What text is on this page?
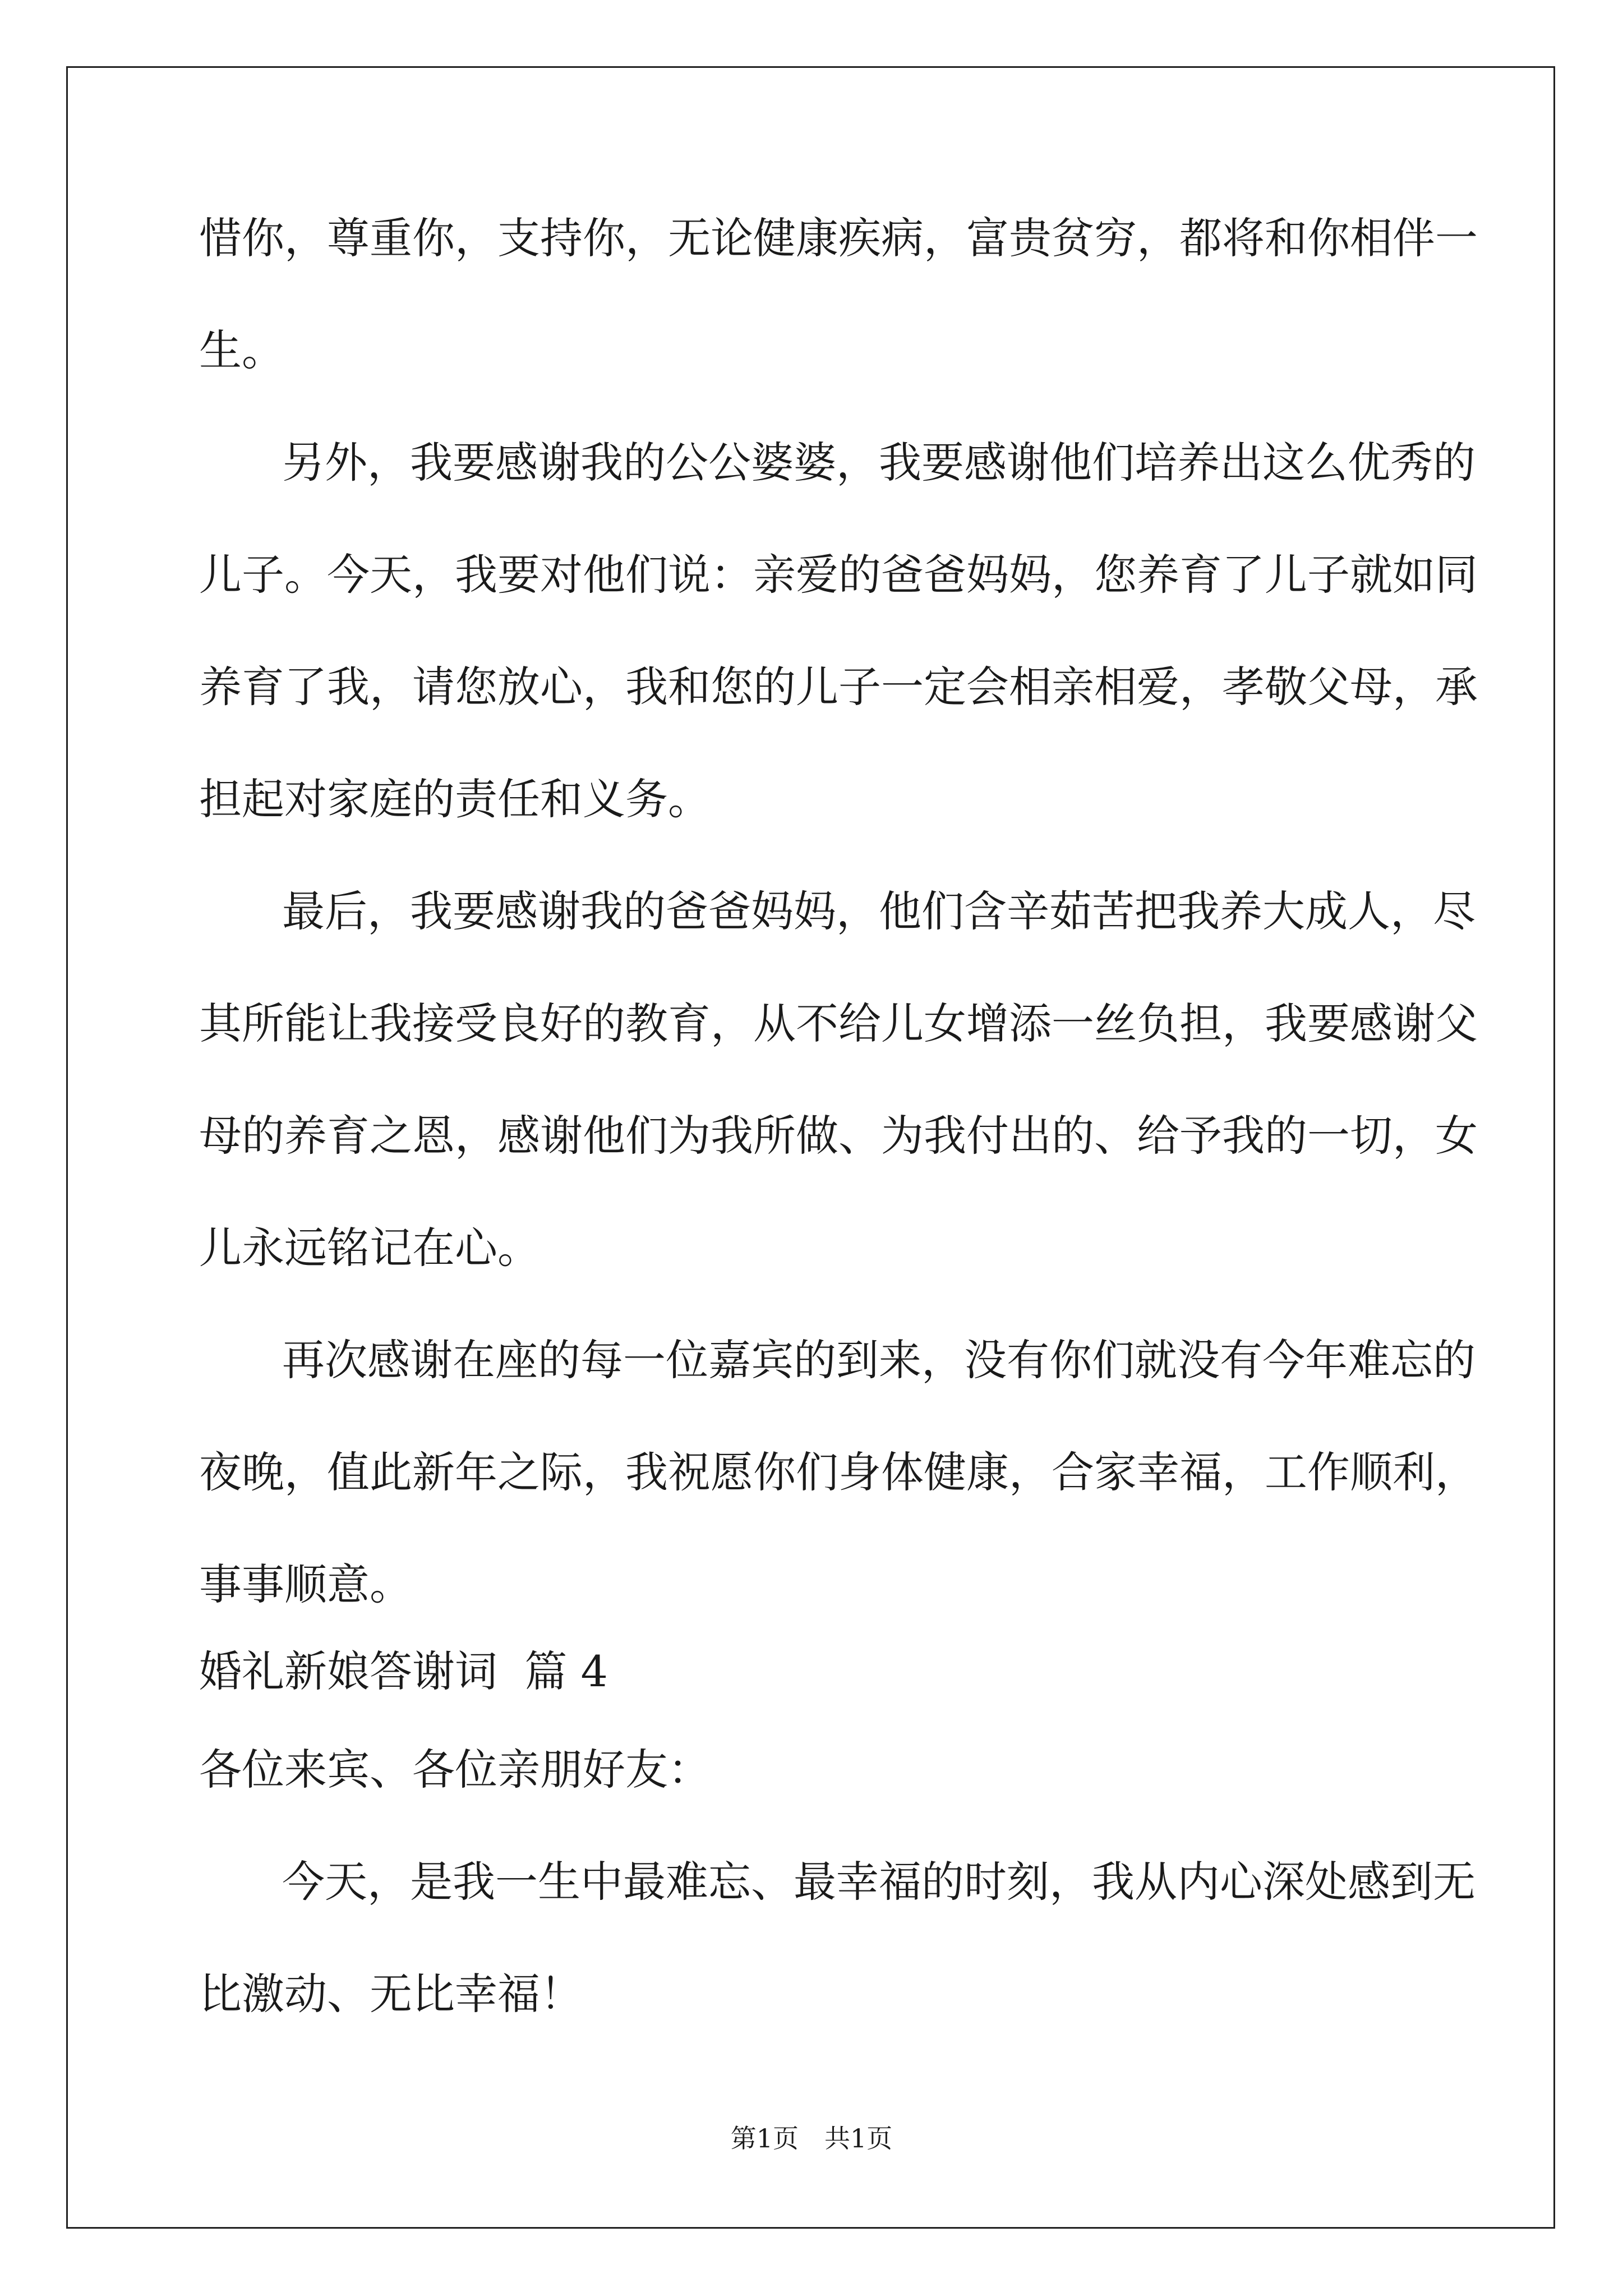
惜你，尊重你，支持你，无论健康疾病，富贵贫穷，都将和你相伴一
生。
另外，我要感谢我的公公婆婆，我要感谢他们培养出这么优秀的
儿子。今天，我要对他们说：亲爱的爸爸妈妈，您养育了儿子就如同
养育了我，请您放心，我和您的儿子一定会相亲相爱，孝敬父母，承
担起对家庭的责任和义务。
最后，我要感谢我的爸爸妈妈，他们含辛茹苦把我养大成人，尽
其所能让我接受良好的教育，从不给儿女增添一丝负担，我要感谢父
母的养育之恩，感谢他们为我所做、为我付出的、给予我的一切，女
儿永远铭记在心。
再次感谢在座的每一位嘉宾的到来，没有你们就没有今年难忘的
夜晚，值此新年之际，我祝愿你们身体健康，合家幸福，工作顺利，
事事顺意。
婚礼新娘答谢词  篇 4
各位来宾、各位亲朋好友：
今天，是我一生中最难忘、最幸福的时刻，我从内心深处感到无
比激动、无比幸福！
第1页 共1页
